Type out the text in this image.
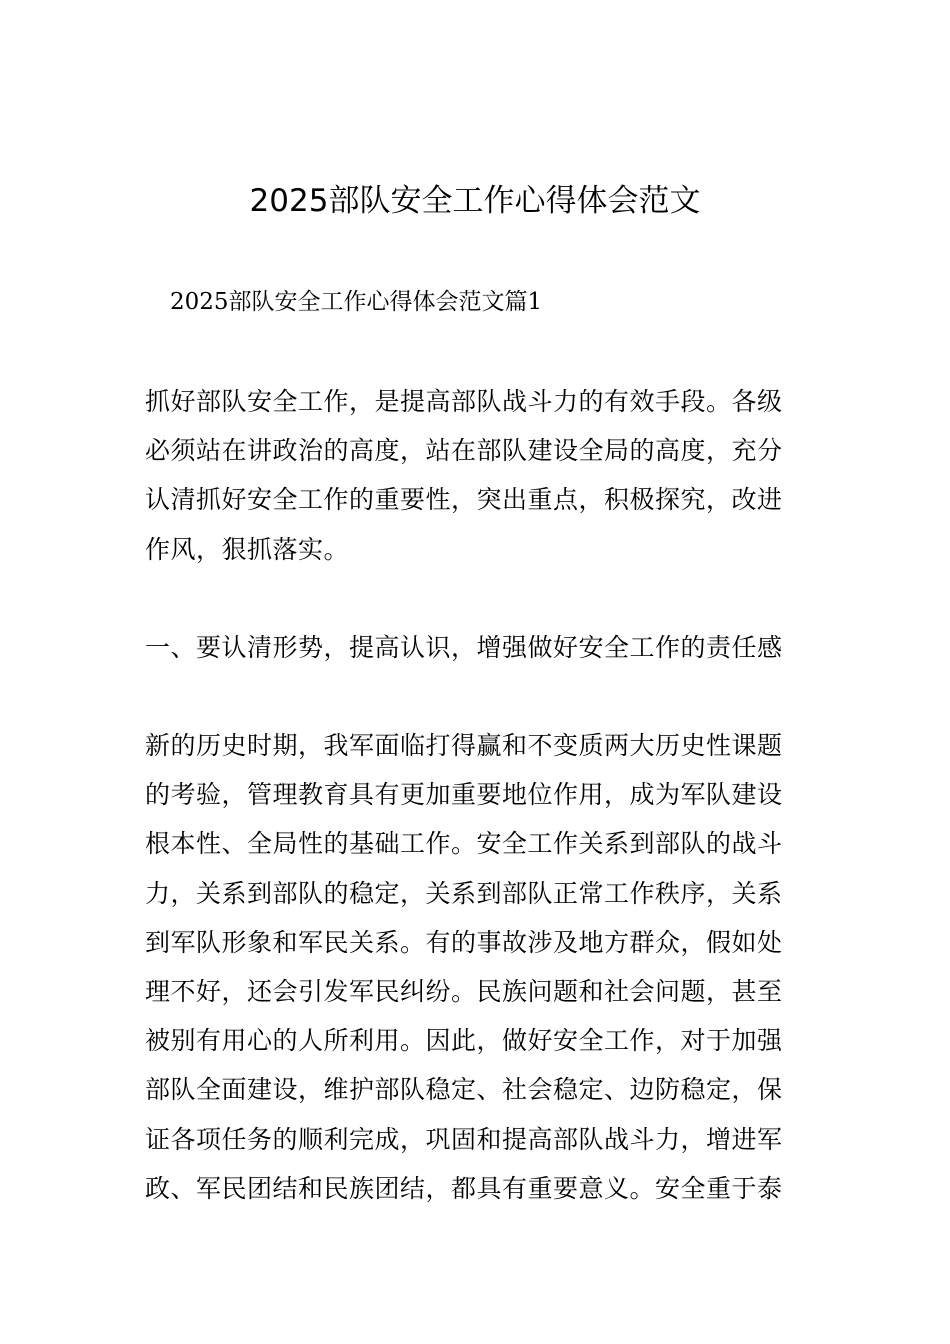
2025部队安全工作心得体会范文
2025部队安全工作心得体会范文篇1
抓好部队安全工作，是提高部队战斗力的有效手段。各级
必须站在讲政治的高度，站在部队建设全局的高度，充分
认清抓好安全工作的重要性，突出重点，积极探究，改进
作风，狠抓落实。
一、要认清形势，提高认识，增强做好安全工作的责任感
新的历史时期，我军面临打得赢和不变质两大历史性课题
的考验，管理教育具有更加重要地位作用，成为军队建设
根本性、全局性的基础工作。安全工作关系到部队的战斗
力，关系到部队的稳定，关系到部队正常工作秩序，关系
到军队形象和军民关系。有的事故涉及地方群众，假如处
理不好，还会引发军民纠纷。民族问题和社会问题，甚至
被别有用心的人所利用。因此，做好安全工作，对于加强
部队全面建设，维护部队稳定、社会稳定、边防稳定，保
证各项任务的顺利完成，巩固和提高部队战斗力，增进军
政、军民团结和民族团结，都具有重要意义。安全重于泰
